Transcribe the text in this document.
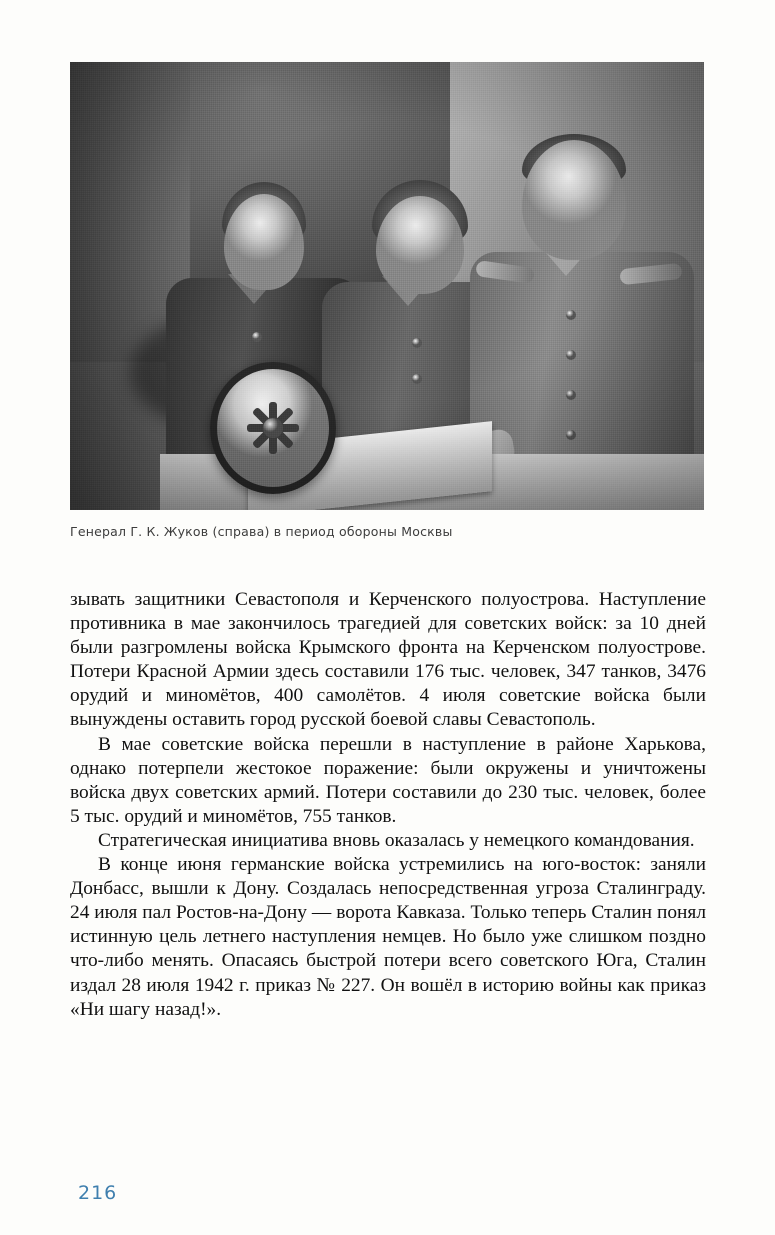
Генерал Г. К. Жуков (справа) в период обороны Москвы

зывать защитники Севастополя и Керченского полуострова. Наступление противника в мае закончилось трагедией для советских войск: за 10 дней были разгромлены войска Крымского фронта на Керченском полуострове. Потери Красной Армии здесь составили 176 тыс. человек, 347 танков, 3476 орудий и миномётов, 400 самолётов. 4 июля советские войска были вынуждены оставить город русской боевой славы Севастополь.

В мае советские войска перешли в наступление в районе Харькова, однако потерпели жестокое поражение: были окружены и уничтожены войска двух советских армий. Потери составили до 230 тыс. человек, более 5 тыс. орудий и миномётов, 755 танков.

Стратегическая инициатива вновь оказалась у немецкого командования.

В конце июня германские войска устремились на юго-восток: заняли Донбасс, вышли к Дону. Создалась непосредственная угроза Сталинграду. 24 июля пал Ростов-на-Дону — ворота Кавказа. Только теперь Сталин понял истинную цель летнего наступления немцев. Но было уже слишком поздно что-либо менять. Опасаясь быстрой потери всего советского Юга, Сталин издал 28 июля 1942 г. приказ № 227. Он вошёл в историю войны как приказ «Ни шагу назад!».

216
